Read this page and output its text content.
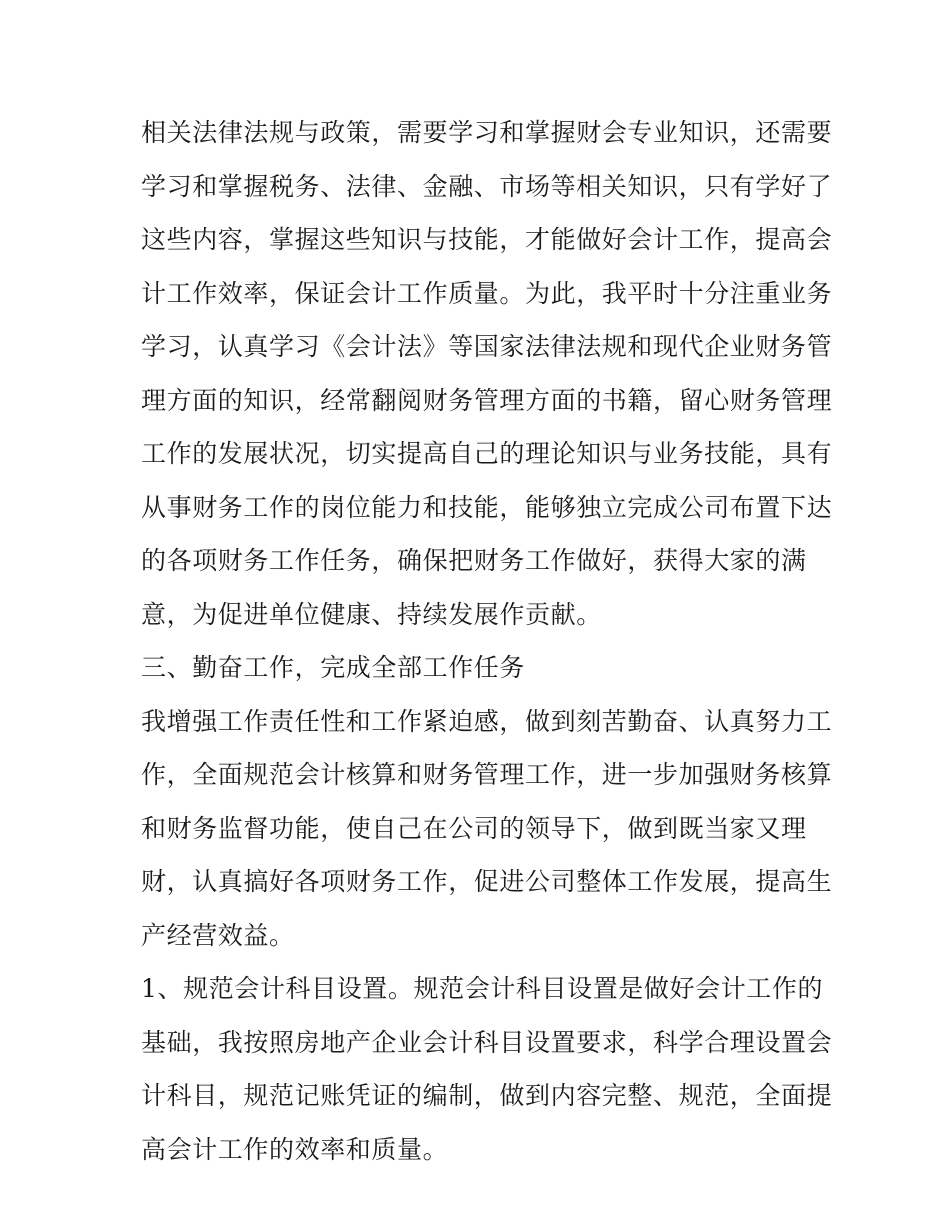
相关法律法规与政策，需要学习和掌握财会专业知识，还需要
学习和掌握税务、法律、金融、市场等相关知识，只有学好了
这些内容，掌握这些知识与技能，才能做好会计工作，提高会
计工作效率，保证会计工作质量。为此，我平时十分注重业务
学习，认真学习《会计法》等国家法律法规和现代企业财务管
理方面的知识，经常翻阅财务管理方面的书籍，留心财务管理
工作的发展状况，切实提高自己的理论知识与业务技能，具有
从事财务工作的岗位能力和技能，能够独立完成公司布置下达
的各项财务工作任务，确保把财务工作做好，获得大家的满
意，为促进单位健康、持续发展作贡献。
三、勤奋工作，完成全部工作任务
我增强工作责任性和工作紧迫感，做到刻苦勤奋、认真努力工
作，全面规范会计核算和财务管理工作，进一步加强财务核算
和财务监督功能，使自己在公司的领导下，做到既当家又理
财，认真搞好各项财务工作，促进公司整体工作发展，提高生
产经营效益。
1、规范会计科目设置。规范会计科目设置是做好会计工作的
基础，我按照房地产企业会计科目设置要求，科学合理设置会
计科目，规范记账凭证的编制，做到内容完整、规范，全面提
高会计工作的效率和质量。
